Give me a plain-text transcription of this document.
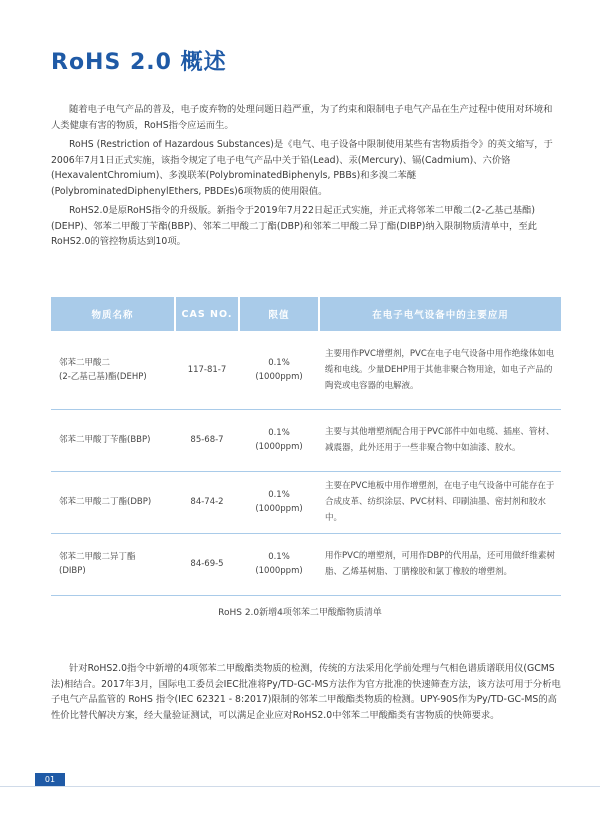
RoHS 2.0 概述

随着电子电气产品的普及，电子废弃物的处理问题日趋严重，为了约束和限制电子电气产品在生产过程中使用对环境和人类健康有害的物质，RoHS指令应运而生。

RoHS (Restriction of Hazardous Substances)是《电气、电子设备中限制使用某些有害物质指令》的英文缩写，于2006年7月1日正式实施，该指令规定了电子电气产品中关于铅(Lead)、汞(Mercury)、镉(Cadmium)、六价铬(HexavalentChromium)、多溴联苯(PolybrominatedBiphenyls, PBBs)和多溴二苯醚(PolybrominatedDiphenylEthers, PBDEs)6项物质的使用限值。

RoHS2.0是原RoHS指令的升级版。新指令于2019年7月22日起正式实施，并正式将邻苯二甲酸二(2-乙基己基酯)(DEHP)、邻苯二甲酸丁苄酯(BBP)、邻苯二甲酸二丁酯(DBP)和邻苯二甲酸二异丁酯(DIBP)纳入限制物质清单中，至此RoHS2.0的管控物质达到10项。

物质名称	CAS NO.	限值	在电子电气设备中的主要应用
邻苯二甲酸二
(2-乙基己基)酯(DEHP)	117-81-7	0.1%(1000ppm)	主要用作PVC增塑剂，PVC在电子电气设备中用作绝缘体如电缆和电线。少量DEHP用于其他非聚合物用途，如电子产品的陶瓷或电容器的电解液。
邻苯二甲酸丁苄酯(BBP)	85-68-7	0.1%(1000ppm)	主要与其他增塑剂配合用于PVC部件中如电缆、插座、管材、减震器，此外还用于一些非聚合物中如油漆、胶水。
邻苯二甲酸二丁酯(DBP)	84-74-2	0.1%(1000ppm)	主要在PVC地板中用作增塑剂，在电子电气设备中可能存在于合成皮革、纺织涂层、PVC材料、印刷油墨、密封剂和胶水中。
邻苯二甲酸二异丁酯
(DIBP)	84-69-5	0.1%(1000ppm)	用作PVC的增塑剂，可用作DBP的代用品，还可用做纤维素树脂、乙烯基树脂、丁腈橡胶和氯丁橡胶的增塑剂。
RoHS 2.0新增4项邻苯二甲酸酯物质清单

针对RoHS2.0指令中新增的4项邻苯二甲酸酯类物质的检测，传统的方法采用化学前处理与气相色谱质谱联用仪(GCMS法)相结合。2017年3月，国际电工委员会IEC批准将Py/TD-GC-MS方法作为官方批准的快速筛查方法，该方法可用于分析电子电气产品监管的 RoHS 指令(IEC 62321 - 8:2017)限制的邻苯二甲酸酯类物质的检测。UPY-90S作为Py/TD-GC-MS的高性价比替代解决方案，经大量验证测试，可以满足企业应对RoHS2.0中邻苯二甲酸酯类有害物质的快筛要求。

01
